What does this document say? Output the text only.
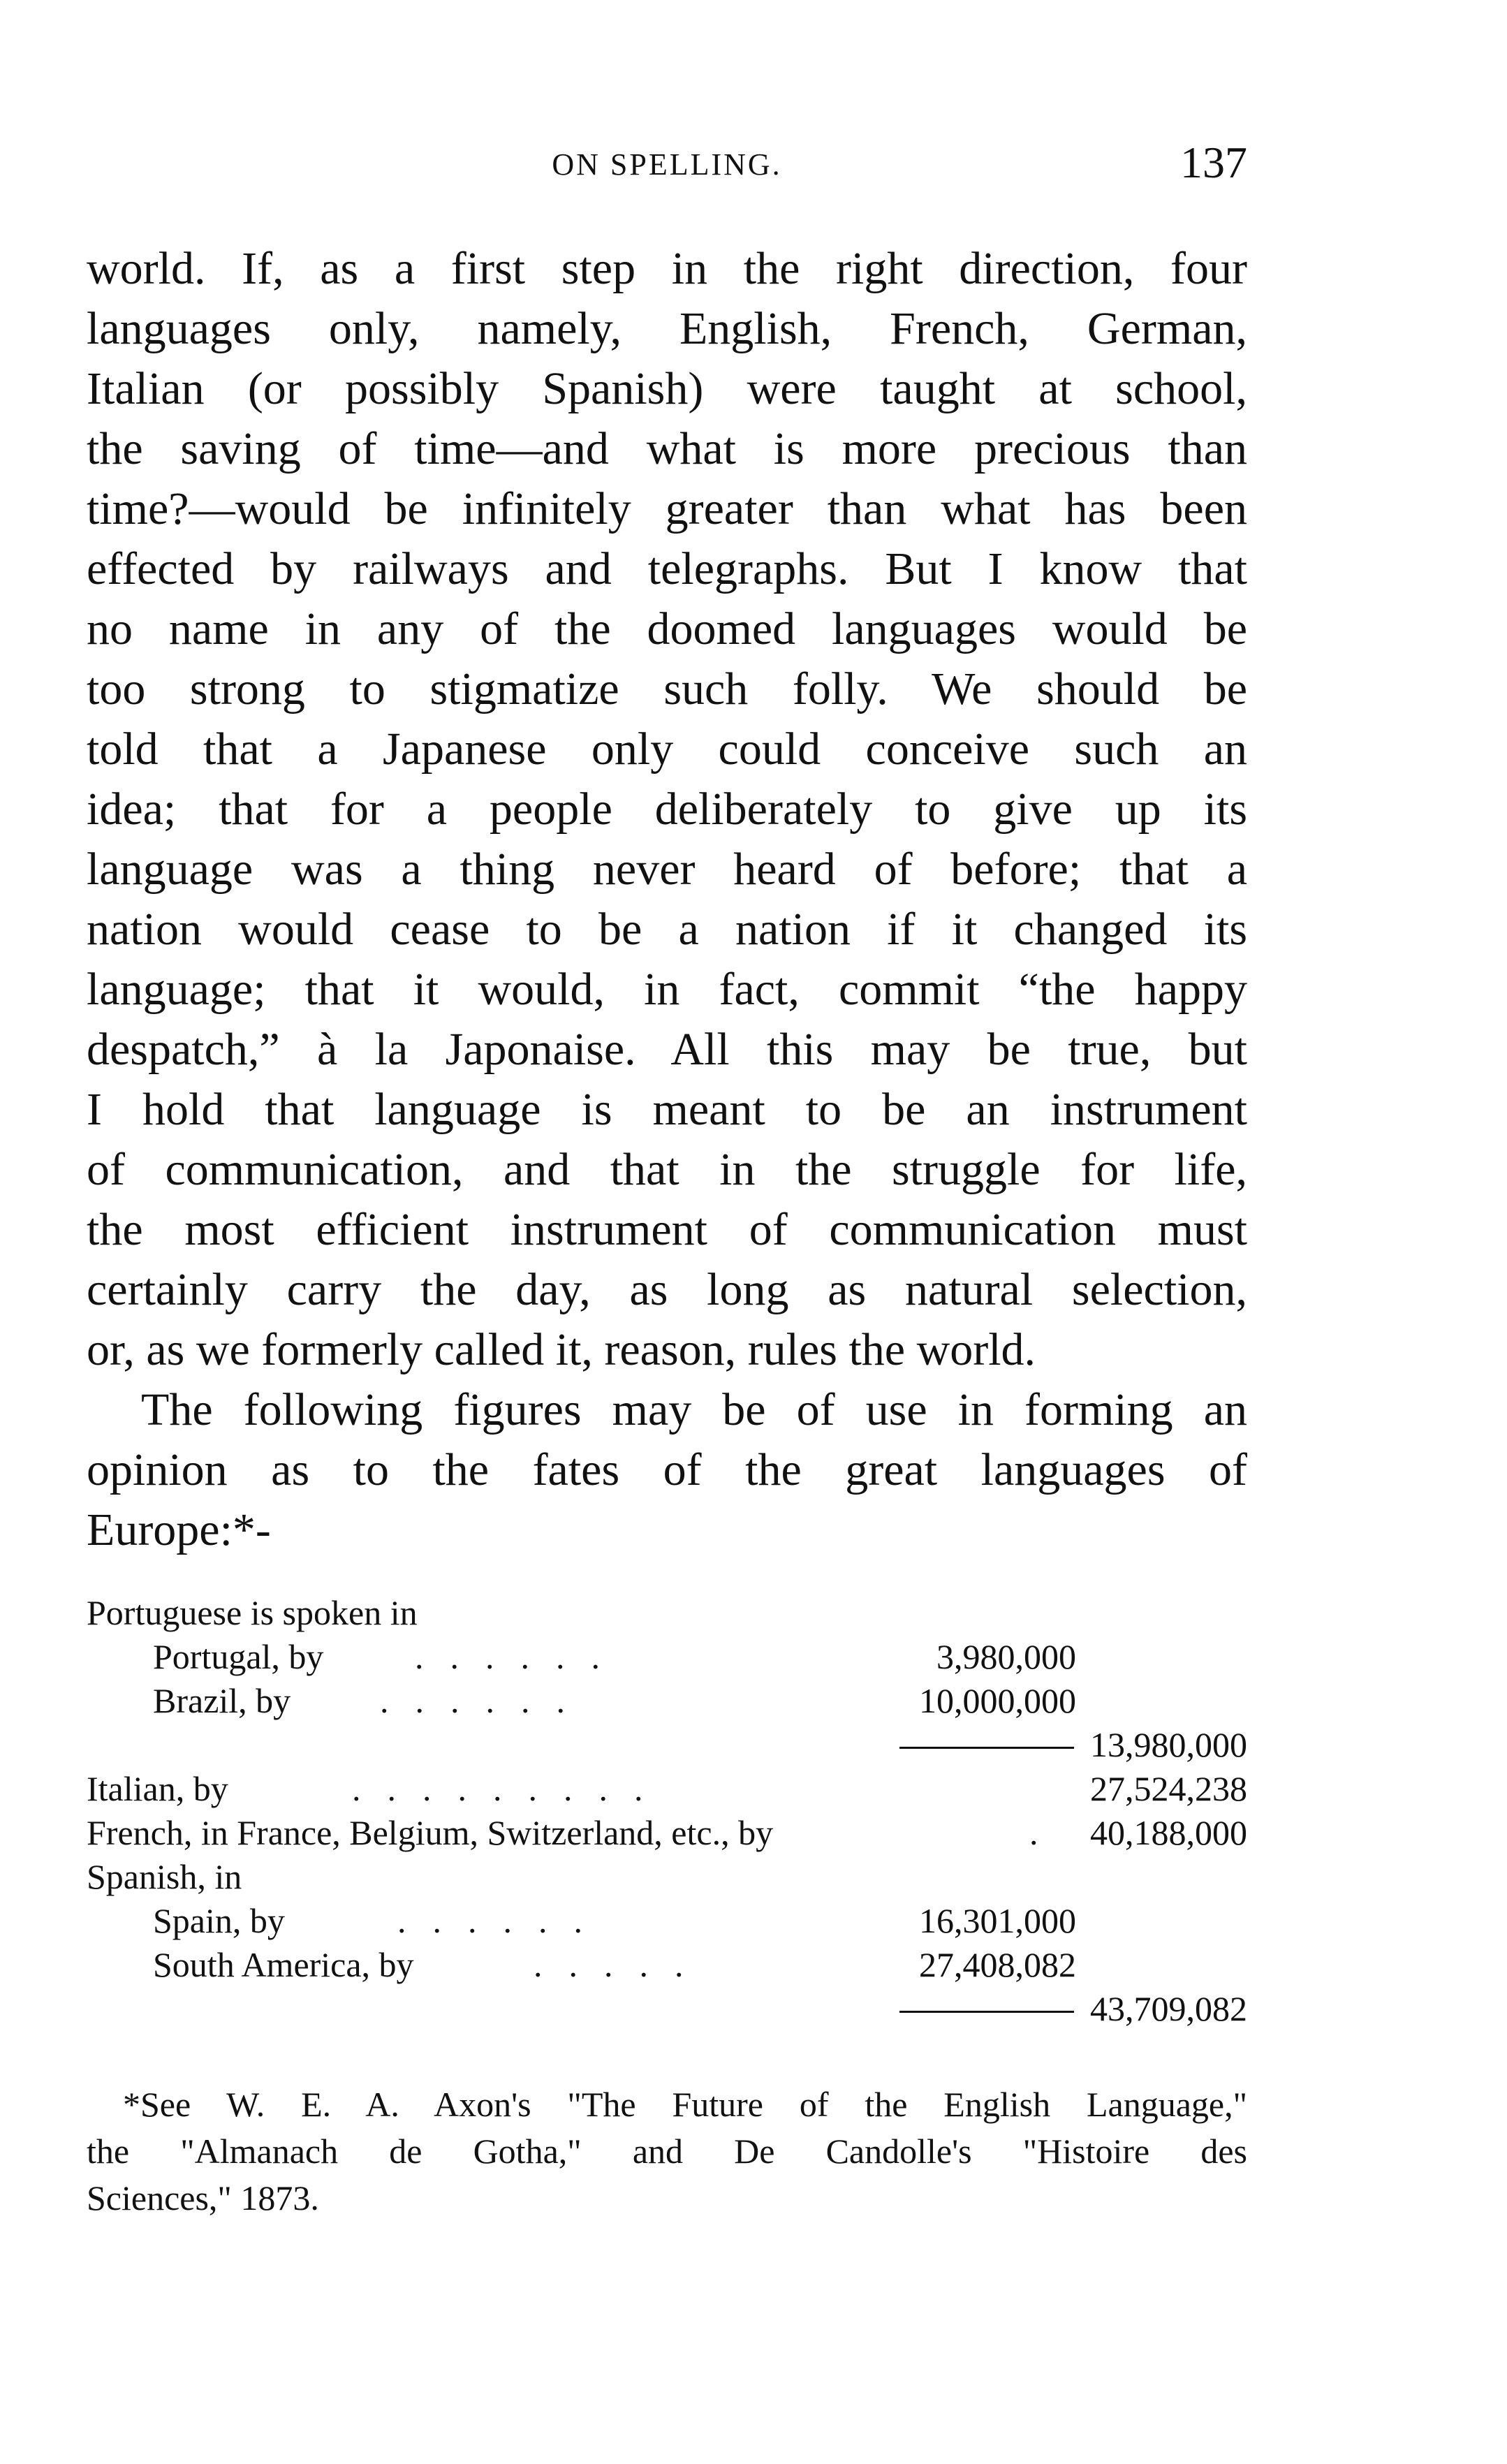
ON SPELLING.	137
world. If, as a first step in the right direction, four
languages only, namely, English, French, German,
Italian (or possibly Spanish) were taught at school,
the saving of time—and what is more precious than
time?—would be infinitely greater than what has been
effected by railways and telegraphs. But I know that
no name in any of the doomed languages would be
too strong to stigmatize such folly. We should be
told that a Japanese only could conceive such an
idea; that for a people deliberately to give up its
language was a thing never heard of before; that a
nation would cease to be a nation if it changed its
language; that it would, in fact, commit “the happy
despatch,” à la Japonaise. All this may be true, but
I hold that language is meant to be an instrument
of communication, and that in the struggle for life,
the most efficient instrument of communication must
certainly carry the day, as long as natural selection,
or, as we formerly called it, reason, rules the world.
The following figures may be of use in forming an
opinion as to the fates of the great languages of
Europe:*-
Portuguese is spoken in
Portugal, by	......	3,980,000
Brazil, by	......	10,000,000
13,980,000
Italian, by	.........	27,524,238
French, in France, Belgium, Switzerland, etc., by	. 40,188,000
Spanish, in
Spain, by	......	16,301,000
South America, by	.....	27,408,082
43,709,082
*See W. E. A. Axon's "The Future of the English Language,"
the "Almanach de Gotha," and De Candolle's "Histoire des
Sciences," 1873.
